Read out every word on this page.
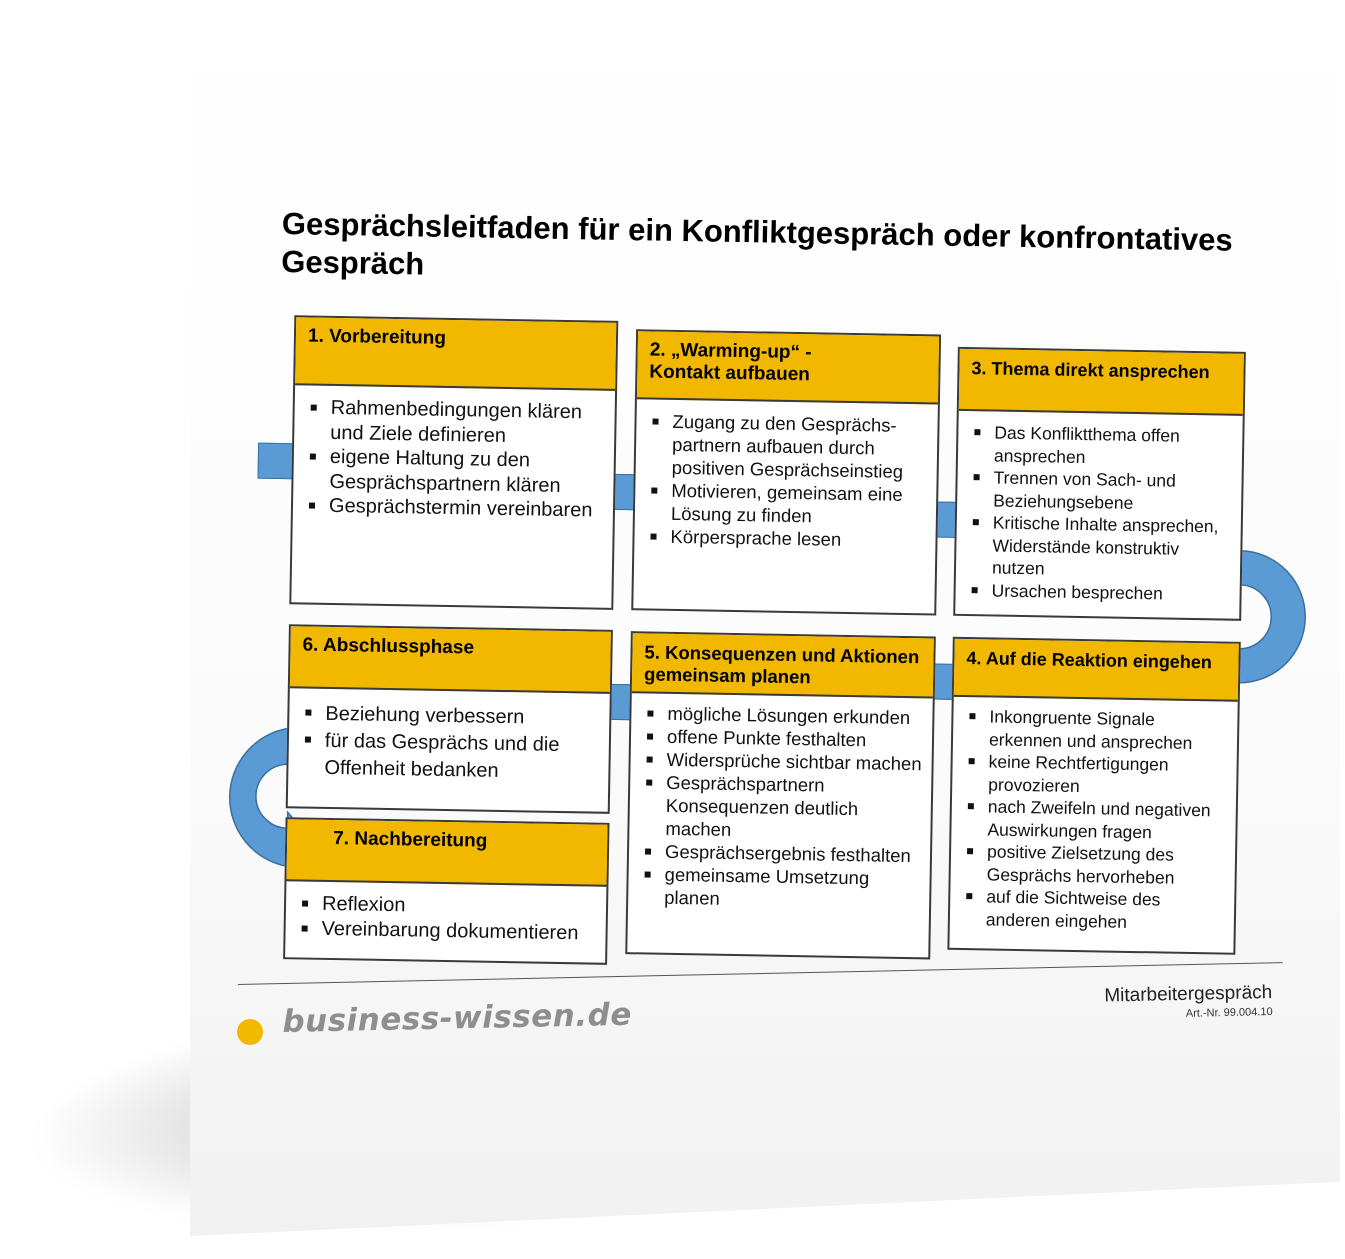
Gesprächsleitfaden für ein Konfliktgespräch oder konfrontatives Gespräch
1. Vorbereitung
Rahmenbedingungen klären und Ziele definieren
eigene Haltung zu den Gesprächspartnern klären
Gesprächstermin vereinbaren
2. „Warming-up“ - Kontakt aufbauen
Zugang zu den Gesprächs-partnern aufbauen durch positiven Gesprächseinstieg
Motivieren, gemeinsam eine Lösung zu finden
Körpersprache lesen
3. Thema direkt ansprechen
Das Konfliktthema offen ansprechen
Trennen von Sach- und Beziehungsebene
Kritische Inhalte ansprechen, Widerstände konstruktiv nutzen
Ursachen besprechen
6. Abschlussphase
Beziehung verbessern
für das Gesprächs und die Offenheit bedanken
5. Konsequenzen und Aktionen gemeinsam planen
mögliche Lösungen erkunden
offene Punkte festhalten
Widersprüche sichtbar machen
Gesprächspartnern Konsequenzen deutlich machen
Gesprächsergebnis festhalten
gemeinsame Umsetzung planen
4. Auf die Reaktion eingehen
Inkongruente Signale erkennen und ansprechen
keine Rechtfertigungen provozieren
nach Zweifeln und negativen Auswirkungen fragen
positive Zielsetzung des Gesprächs hervorheben
auf die Sichtweise des anderen eingehen
7. Nachbereitung
Reflexion
Vereinbarung dokumentieren
business-wissen.de
Mitarbeitergespräch
Art.-Nr. 99.004.10
